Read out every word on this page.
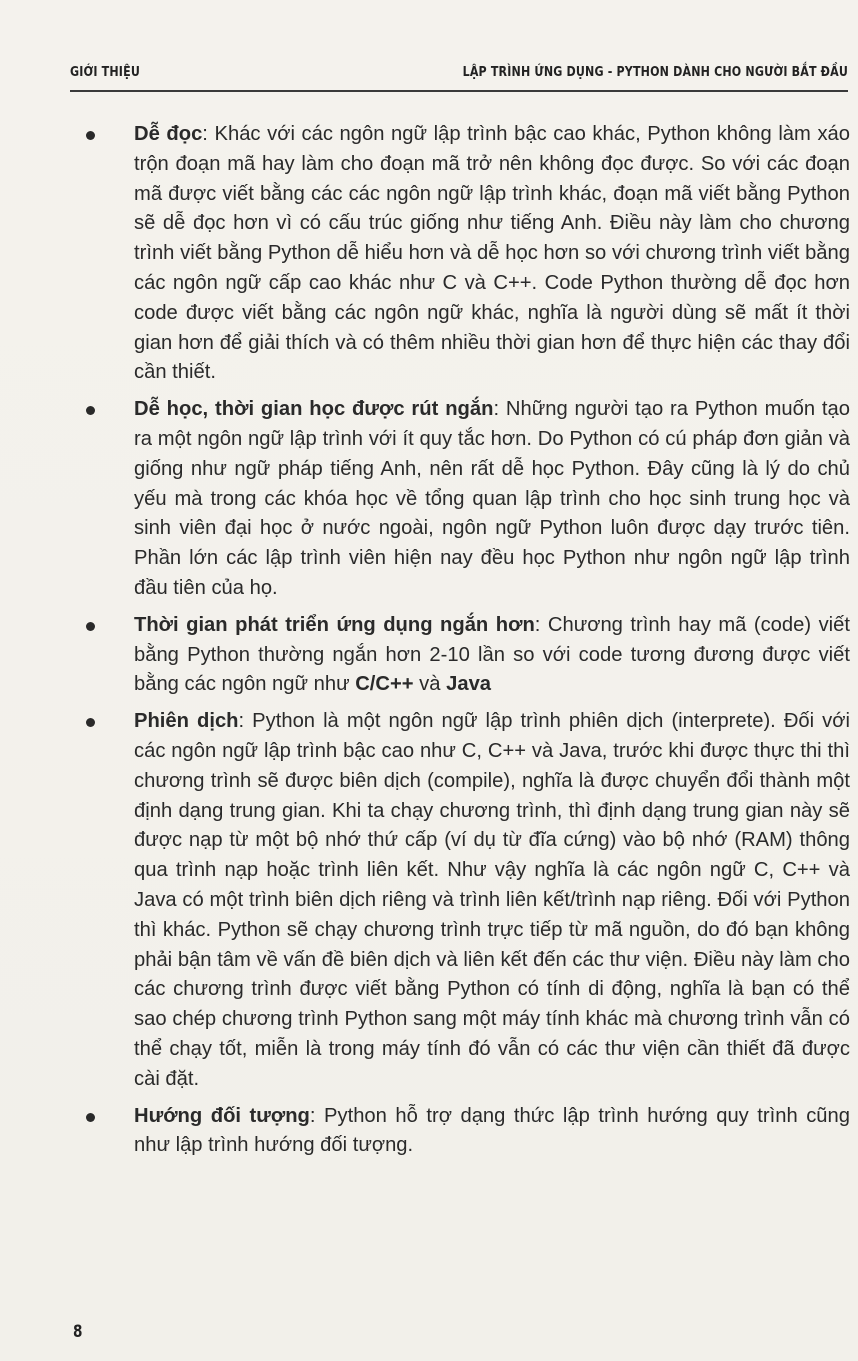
GIỚI THIỆU	LẬP TRÌNH ỨNG DỤNG - PYTHON DÀNH CHO NGƯỜI BẮT ĐẦU
Dễ đọc: Khác với các ngôn ngữ lập trình bậc cao khác, Python không làm xáo trộn đoạn mã hay làm cho đoạn mã trở nên không đọc được. So với các đoạn mã được viết bằng các các ngôn ngữ lập trình khác, đoạn mã viết bằng Python sẽ dễ đọc hơn vì có cấu trúc giống như tiếng Anh. Điều này làm cho chương trình viết bằng Python dễ hiểu hơn và dễ học hơn so với chương trình viết bằng các ngôn ngữ cấp cao khác như C và C++. Code Python thường dễ đọc hơn code được viết bằng các ngôn ngữ khác, nghĩa là người dùng sẽ mất ít thời gian hơn để giải thích và có thêm nhiều thời gian hơn để thực hiện các thay đổi cần thiết.
Dễ học, thời gian học được rút ngắn: Những người tạo ra Python muốn tạo ra một ngôn ngữ lập trình với ít quy tắc hơn. Do Python có cú pháp đơn giản và giống như ngữ pháp tiếng Anh, nên rất dễ học Python. Đây cũng là lý do chủ yếu mà trong các khóa học về tổng quan lập trình cho học sinh trung học và sinh viên đại học ở nước ngoài, ngôn ngữ Python luôn được dạy trước tiên. Phần lớn các lập trình viên hiện nay đều học Python như ngôn ngữ lập trình đầu tiên của họ.
Thời gian phát triển ứng dụng ngắn hơn: Chương trình hay mã (code) viết bằng Python thường ngắn hơn 2-10 lần so với code tương đương được viết bằng các ngôn ngữ như C/C++ và Java
Phiên dịch: Python là một ngôn ngữ lập trình phiên dịch (interprete). Đối với các ngôn ngữ lập trình bậc cao như C, C++ và Java, trước khi được thực thi thì chương trình sẽ được biên dịch (compile), nghĩa là được chuyển đổi thành một định dạng trung gian. Khi ta chạy chương trình, thì định dạng trung gian này sẽ được nạp từ một bộ nhớ thứ cấp (ví dụ từ đĩa cứng) vào bộ nhớ (RAM) thông qua trình nạp hoặc trình liên kết. Như vậy nghĩa là các ngôn ngữ C, C++ và Java có một trình biên dịch riêng và trình liên kết/trình nạp riêng. Đối với Python thì khác. Python sẽ chạy chương trình trực tiếp từ mã nguồn, do đó bạn không phải bận tâm về vấn đề biên dịch và liên kết đến các thư viện. Điều này làm cho các chương trình được viết bằng Python có tính di động, nghĩa là bạn có thể sao chép chương trình Python sang một máy tính khác mà chương trình vẫn có thể chạy tốt, miễn là trong máy tính đó vẫn có các thư viện cần thiết đã được cài đặt.
Hướng đối tượng: Python hỗ trợ dạng thức lập trình hướng quy trình cũng như lập trình hướng đối tượng.
8
